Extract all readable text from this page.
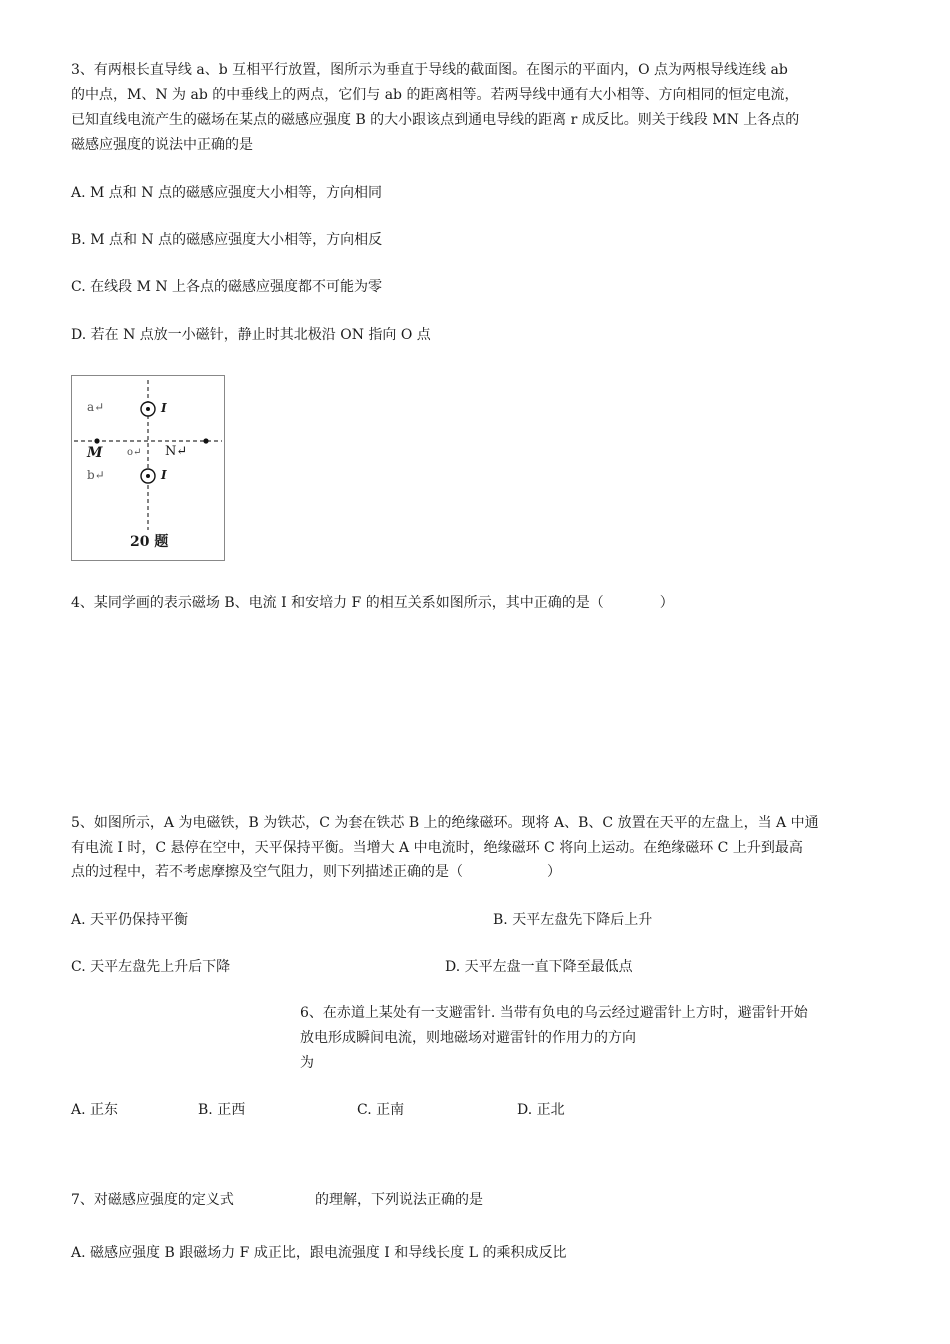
3、有两根长直导线 a、b 互相平行放置，图所示为垂直于导线的截面图。在图示的平面内，O 点为两根导线连线 ab
的中点，M、N 为 ab 的中垂线上的两点，它们与 ab 的距离相等。若两导线中通有大小相等、方向相同的恒定电流，
已知直线电流产生的磁场在某点的磁感应强度 B 的大小跟该点到通电导线的距离 r 成反比。则关于线段 MN 上各点的
磁感应强度的说法中正确的是
A. M 点和 N 点的磁感应强度大小相等，方向相同
B. M 点和 N 点的磁感应强度大小相等，方向相反
C. 在线段 M N 上各点的磁感应强度都不可能为零
D. 若在 N 点放一小磁针，静止时其北极沿 ON 指向 O 点
a↵	I
M o↵ N↵
b↵	I
20 题
4、某同学画的表示磁场 B、电流 I 和安培力 F 的相互关系如图所示，其中正确的是（　　　　）
5、如图所示，A 为电磁铁，B 为铁芯，C 为套在铁芯 B 上的绝缘磁环。现将 A、B、C 放置在天平的左盘上，当 A 中通
有电流 I 时，C 悬停在空中，天平保持平衡。当增大 A 中电流时，绝缘磁环 C 将向上运动。在绝缘磁环 C 上升到最高
点的过程中，若不考虑摩擦及空气阻力，则下列描述正确的是（　　　　　　）
A. 天平仍保持平衡	B. 天平左盘先下降后上升
C. 天平左盘先上升后下降	D. 天平左盘一直下降至最低点
6、在赤道上某处有一支避雷针. 当带有负电的乌云经过避雷针上方时，避雷针开始
放电形成瞬间电流，则地磁场对避雷针的作用力的方向
为
A. 正东	B. 正西	C. 正南	D. 正北
7、对磁感应强度的定义式	的理解，下列说法正确的是
A. 磁感应强度 B 跟磁场力 F 成正比，跟电流强度 I 和导线长度 L 的乘积成反比
